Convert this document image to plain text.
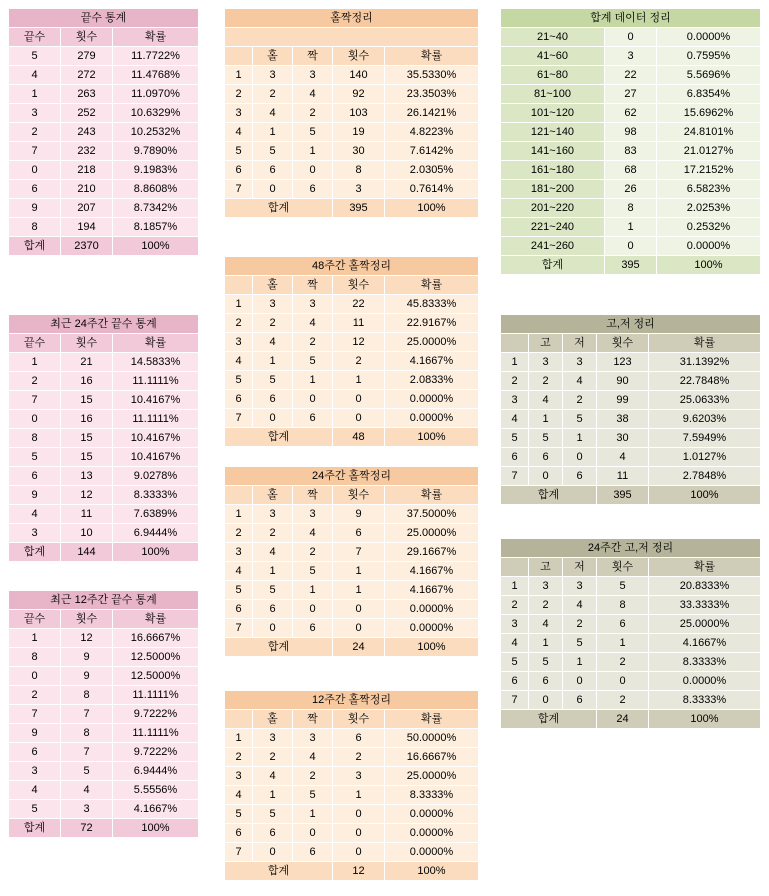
끝수 통계		
끝수	횟수	확률
5	279	11.7722%
4	272	11.4768%
1	263	11.0970%
3	252	10.6329%
2	243	10.2532%
7	232	9.7890%
0	218	9.1983%
6	210	8.8608%
9	207	8.7342%
8	194	8.1857%
합계	2370	100%
최근 24주간 끝수 통계		
끝수	횟수	확률
1	21	14.5833%
2	16	11.1111%
7	15	10.4167%
0	16	11.1111%
8	15	10.4167%
5	15	10.4167%
6	13	9.0278%
9	12	8.3333%
4	11	7.6389%
3	10	6.9444%
합계	144	100%
최근 12주간 끝수 통계		
끝수	횟수	확률
1	12	16.6667%
8	9	12.5000%
0	9	12.5000%
2	8	11.1111%
7	7	9.7222%
9	8	11.1111%
6	7	9.7222%
3	5	6.9444%
4	4	5.5556%
5	3	4.1667%
합계	72	100%
홀짝정리				

	홀	짝	횟수	확률
1	3	3	140	35.5330%
2	2	4	92	23.3503%
3	4	2	103	26.1421%
4	1	5	19	4.8223%
5	5	1	30	7.6142%
6	6	0	8	2.0305%
7	0	6	3	0.7614%
합계			395	100%
48주간 홀짝정리				
	홀	짝	횟수	확률
1	3	3	22	45.8333%
2	2	4	11	22.9167%
3	4	2	12	25.0000%
4	1	5	2	4.1667%
5	5	1	1	2.0833%
6	6	0	0	0.0000%
7	0	6	0	0.0000%
합계			48	100%
24주간 홀짝정리				
	홀	짝	횟수	확률
1	3	3	9	37.5000%
2	2	4	6	25.0000%
3	4	2	7	29.1667%
4	1	5	1	4.1667%
5	5	1	1	4.1667%
6	6	0	0	0.0000%
7	0	6	0	0.0000%
합계			24	100%
12주간 홀짝정리				
	홀	짝	횟수	확률
1	3	3	6	50.0000%
2	2	4	2	16.6667%
3	4	2	3	25.0000%
4	1	5	1	8.3333%
5	5	1	0	0.0000%
6	6	0	0	0.0000%
7	0	6	0	0.0000%
합계			12	100%
합계 데이터 정리		
21~40	0	0.0000%
41~60	3	0.7595%
61~80	22	5.5696%
81~100	27	6.8354%
101~120	62	15.6962%
121~140	98	24.8101%
141~160	83	21.0127%
161~180	68	17.2152%
181~200	26	6.5823%
201~220	8	2.0253%
221~240	1	0.2532%
241~260	0	0.0000%
합계	395	100%
고,저 정리				
	고	저	횟수	확률
1	3	3	123	31.1392%
2	2	4	90	22.7848%
3	4	2	99	25.0633%
4	1	5	38	9.6203%
5	5	1	30	7.5949%
6	6	0	4	1.0127%
7	0	6	11	2.7848%
합계			395	100%
24주간 고,저 정리				
	고	저	횟수	확률
1	3	3	5	20.8333%
2	2	4	8	33.3333%
3	4	2	6	25.0000%
4	1	5	1	4.1667%
5	5	1	2	8.3333%
6	6	0	0	0.0000%
7	0	6	2	8.3333%
합계			24	100%
